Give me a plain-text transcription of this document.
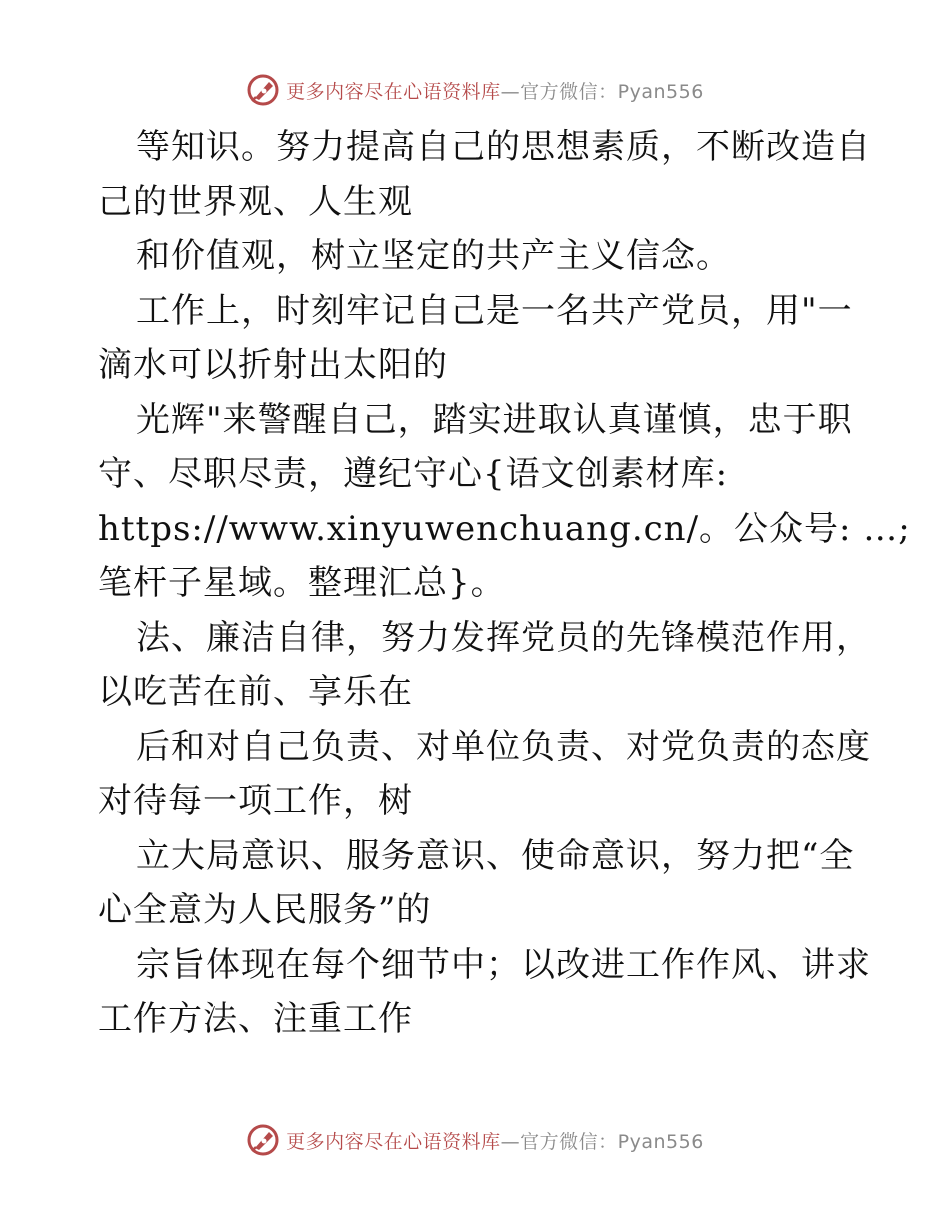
更多内容尽在心语资料库—官方微信：Pyan556
等知识。努力提高自己的思想素质，不断改造自
己的世界观、人生观
和价值观，树立坚定的共产主义信念。
工作上，时刻牢记自己是一名共产党员，用"一
滴水可以折射出太阳的
光辉"来警醒自己，踏实进取认真谨慎，忠于职
守、尽职尽责，遵纪守心{语文创素材库:
https://www.xinyuwenchuang.cn/。公众号: …;
笔杆子星域。整理汇总}。
法、廉洁自律，努力发挥党员的先锋模范作用，
以吃苦在前、享乐在
后和对自己负责、对单位负责、对党负责的态度
对待每一项工作，树
立大局意识、服务意识、使命意识，努力把“全
心全意为人民服务”的
宗旨体现在每个细节中；以改进工作作风、讲求
工作方法、注重工作
更多内容尽在心语资料库—官方微信：Pyan556
